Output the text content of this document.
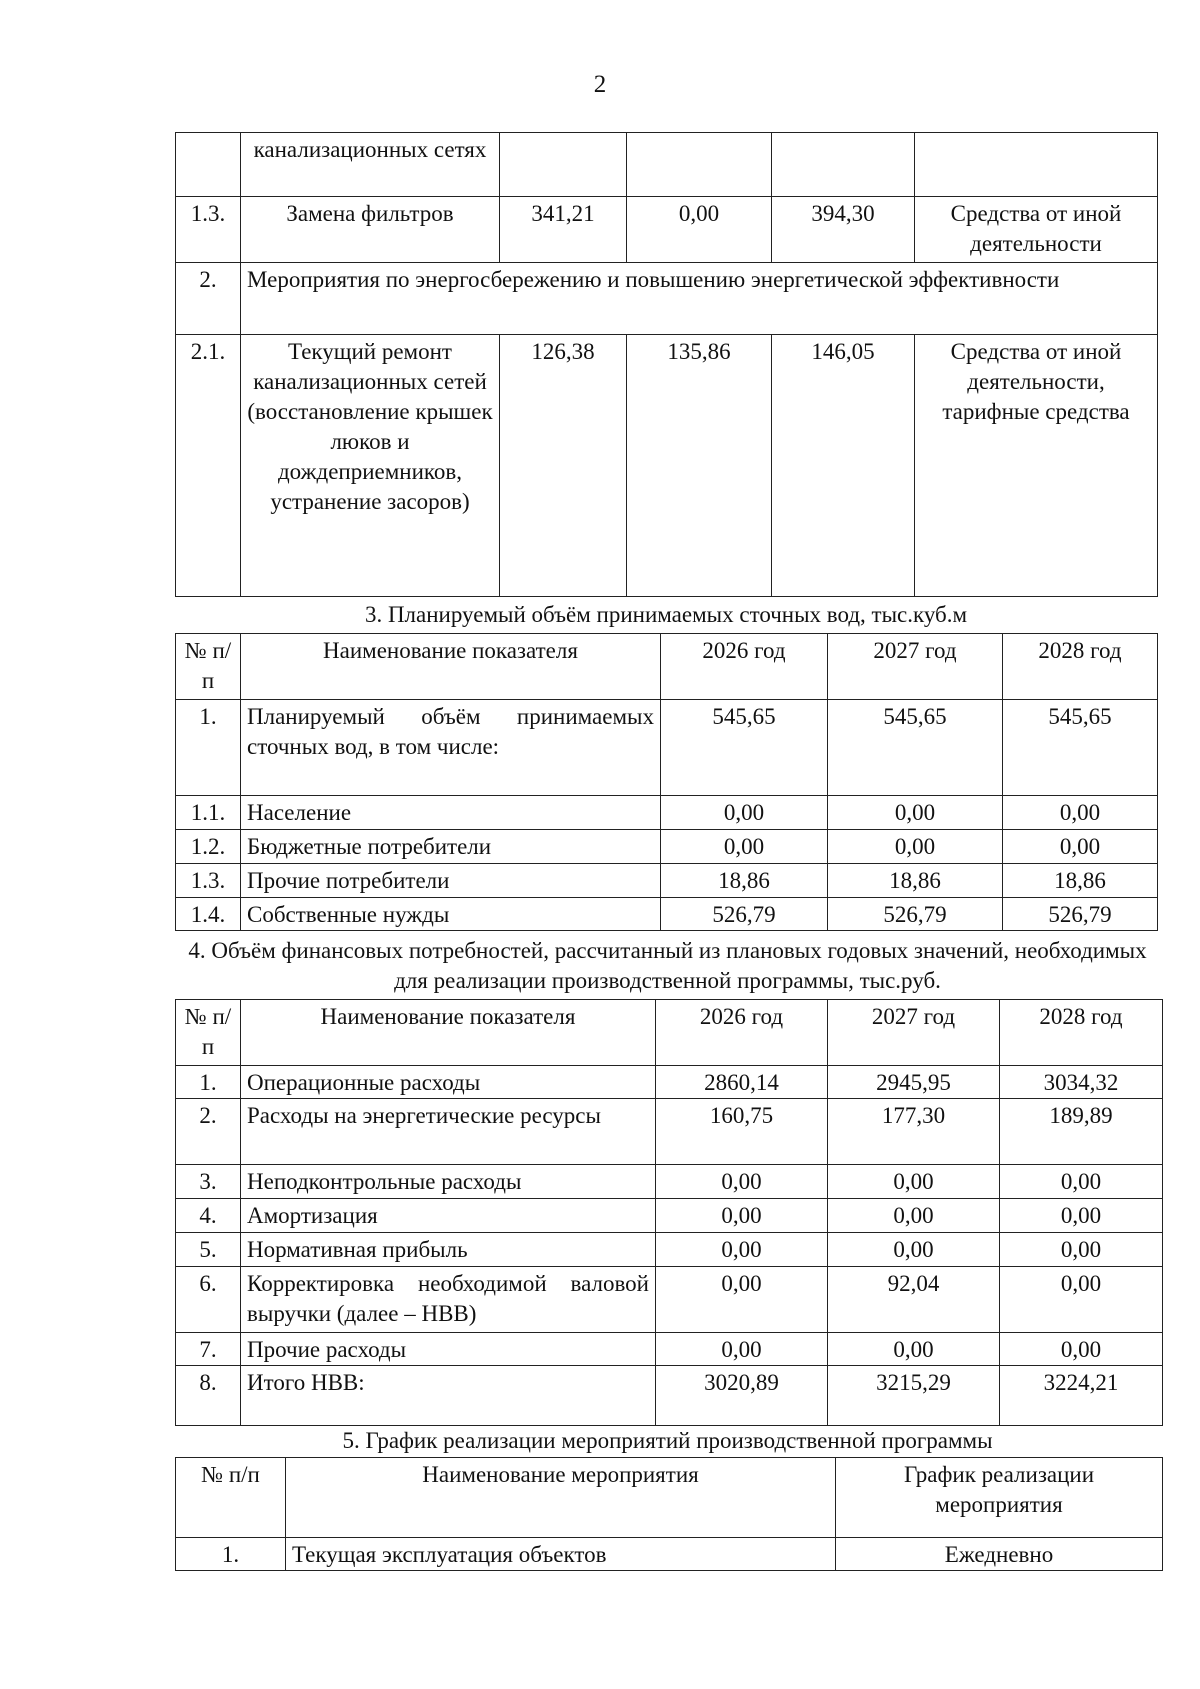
2
	канализационных сетях				
1.3.	Замена фильтров	341,21	0,00	394,30	Средства от иной деятельности
2.	Мероприятия по энергосбережению и повышению энергетической эффективности				
2.1.	Текущий ремонт канализационных сетей (восстановление крышек люков и дождеприемников, устранение засоров)	126,38	135,86	146,05	Средства от иной деятельности, тарифные средства
3. Планируемый объём принимаемых сточных вод, тыс.куб.м
№ п/п	Наименование показателя	2026 год	2027 год	2028 год
1.	Планируемый объём принимаемых сточных вод, в том числе:	545,65	545,65	545,65
1.1.	Население	0,00	0,00	0,00
1.2.	Бюджетные потребители	0,00	0,00	0,00
1.3.	Прочие потребители	18,86	18,86	18,86
1.4.	Собственные нужды	526,79	526,79	526,79
4. Объём финансовых потребностей, рассчитанный из плановых годовых значений, необходимых для реализации производственной программы, тыс.руб.
№ п/п	Наименование показателя	2026 год	2027 год	2028 год
1.	Операционные расходы	2860,14	2945,95	3034,32
2.	Расходы на энергетические ресурсы	160,75	177,30	189,89
3.	Неподконтрольные расходы	0,00	0,00	0,00
4.	Амортизация	0,00	0,00	0,00
5.	Нормативная прибыль	0,00	0,00	0,00
6.	Корректировка необходимой валовой выручки (далее – НВВ)	0,00	92,04	0,00
7.	Прочие расходы	0,00	0,00	0,00
8.	Итого НВВ:	3020,89	3215,29	3224,21
5. График реализации мероприятий производственной программы
№ п/п	Наименование мероприятия	График реализации мероприятия
1.	Текущая эксплуатация объектов	Ежедневно
